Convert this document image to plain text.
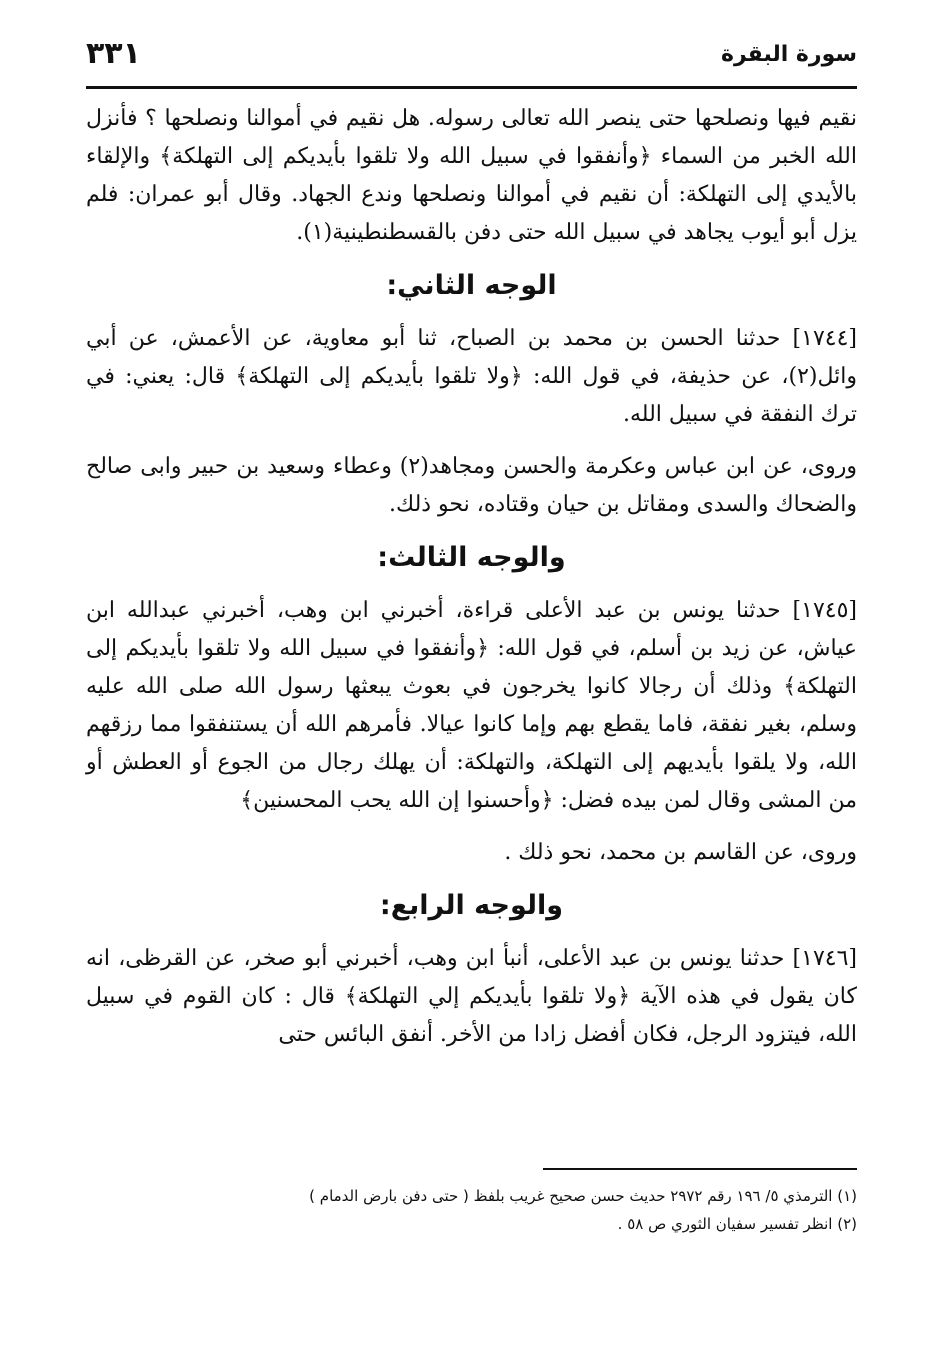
سورة البقرة
٣٣١

نقيم فيها ونصلحها حتى ينصر الله تعالى رسوله. هل نقيم في أموالنا ونصلحها ؟ فأنزل الله الخبر من السماء ﴿وأنفقوا في سبيل الله ولا تلقوا بأيديكم إلى التهلكة﴾ والإلقاء بالأيدي إلى التهلكة: أن نقيم في أموالنا ونصلحها وندع الجهاد. وقال أبو عمران: فلم يزل أبو أيوب يجاهد في سبيل الله حتى دفن بالقسطنطينية(١).

الوجه الثاني:

[١٧٤٤] حدثنا الحسن بن محمد بن الصباح، ثنا أبو معاوية، عن الأعمش، عن أبي وائل(٢)، عن حذيفة، في قول الله: ﴿ولا تلقوا بأيديكم إلى التهلكة﴾ قال: يعني: في ترك النفقة في سبيل الله.

وروى، عن ابن عباس وعكرمة والحسن ومجاهد(٢) وعطاء وسعيد بن حبير وابى صالح والضحاك والسدى ومقاتل بن حيان وقتاده، نحو ذلك.

والوجه الثالث:

[١٧٤٥] حدثنا يونس بن عبد الأعلى قراءة، أخبرني ابن وهب، أخبرني عبدالله ابن عياش، عن زيد بن أسلم، في قول الله: ﴿وأنفقوا في سبيل الله ولا تلقوا بأيديكم إلى التهلكة﴾ وذلك أن رجالا كانوا يخرجون في بعوث يبعثها رسول الله صلى الله عليه وسلم، بغير نفقة، فاما يقطع بهم وإما كانوا عيالا. فأمرهم الله أن يستنفقوا مما رزقهم الله، ولا يلقوا بأيديهم إلى التهلكة، والتهلكة: أن يهلك رجال من الجوع أو العطش أو من المشى وقال لمن بيده فضل: ﴿وأحسنوا إن الله يحب المحسنين﴾

وروى، عن القاسم بن محمد، نحو ذلك .

والوجه الرابع:

[١٧٤٦] حدثنا يونس بن عبد الأعلى، أنبأ ابن وهب، أخبرني أبو صخر، عن القرظى، انه كان يقول في هذه الآية ﴿ولا تلقوا بأيديكم إلي التهلكة﴾ قال : كان القوم في سبيل الله، فيتزود الرجل، فكان أفضل زادا من الأخر. أنفق البائس حتى

(١) الترمذي ٥/ ١٩٦ رقم ٢٩٧٢ حديث حسن صحيح غريب بلفظ ( حتى دفن بارض الدمام )
(٢) انظر تفسير سفيان الثوري ص ٥٨ .
